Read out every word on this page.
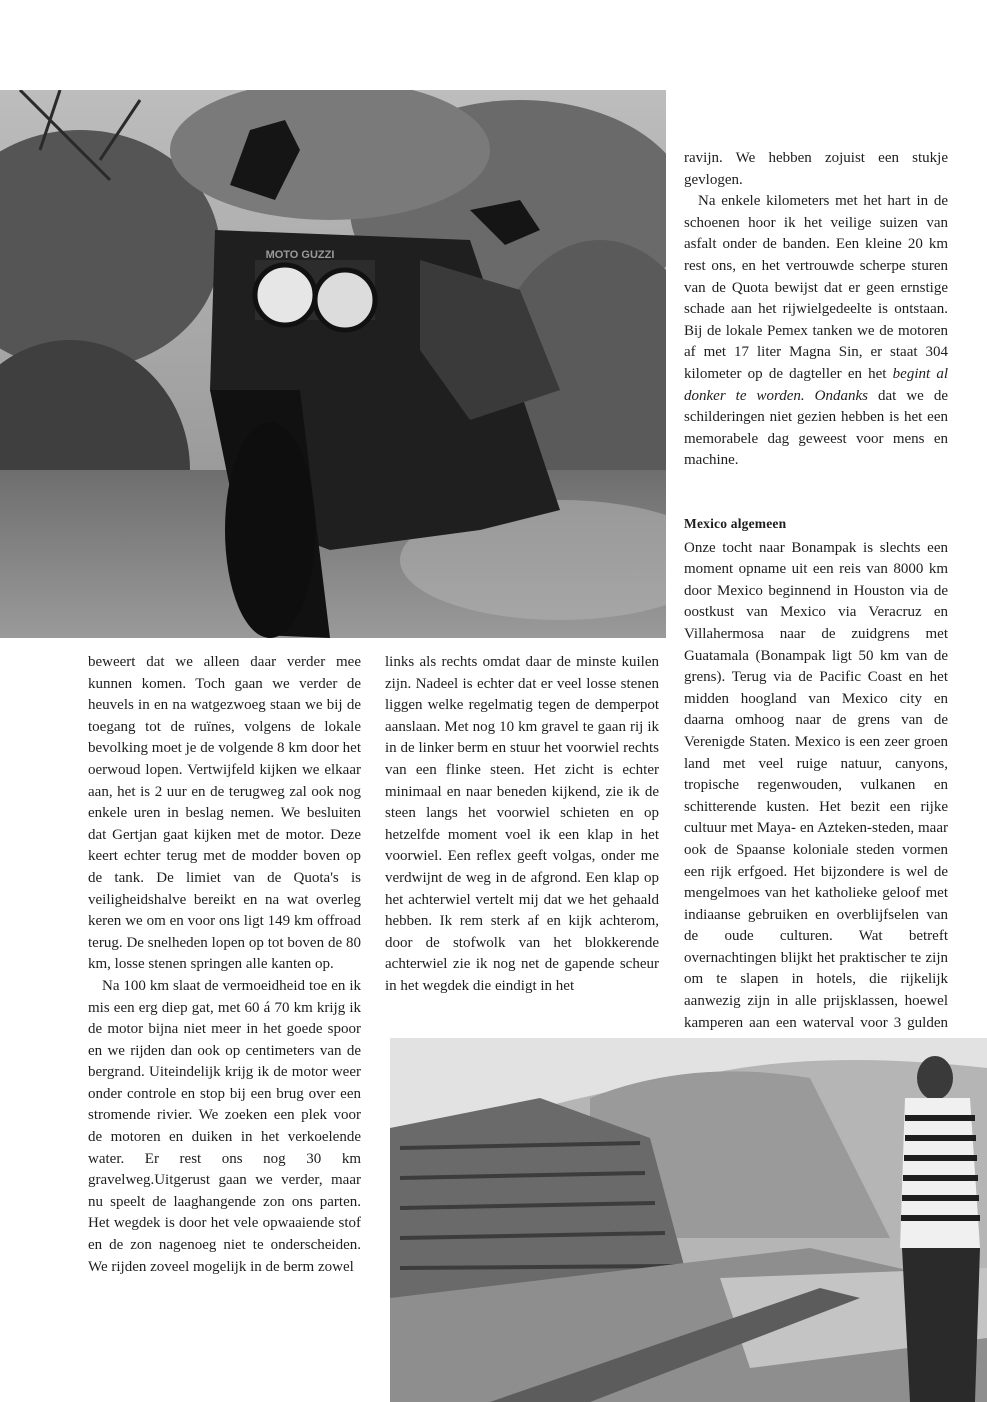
MOTO GUZZI

beweert dat we alleen daar verder mee kunnen komen. Toch gaan we verder de heuvels in en na watgezwoeg staan we bij de toegang tot de ruïnes, volgens de lokale bevolking moet je de volgende 8 km door het oerwoud lopen. Vertwijfeld kijken we elkaar aan, het is 2 uur en de terugweg zal ook nog enkele uren in beslag nemen. We besluiten dat Gertjan gaat kijken met de motor. Deze keert echter terug met de modder boven op de tank. De limiet van de Quota's is veiligheidshalve bereikt en na wat overleg keren we om en voor ons ligt 149 km offroad terug. De snelheden lopen op tot boven de 80 km, losse stenen springen alle kanten op.

Na 100 km slaat de vermoeidheid toe en ik mis een erg diep gat, met 60 á 70 km krijg ik de motor bijna niet meer in het goede spoor en we rijden dan ook op centimeters van de bergrand. Uiteindelijk krijg ik de motor weer onder controle en stop bij een brug over een stromende rivier. We zoeken een plek voor de motoren en duiken in het verkoelende water. Er rest ons nog 30 km gravelweg.Uitgerust gaan we verder, maar nu speelt de laaghangende zon ons parten. Het wegdek is door het vele opwaaiende stof en de zon nagenoeg niet te onderscheiden. We rijden zoveel mogelijk in de berm zowel

links als rechts omdat daar de minste kuilen zijn. Nadeel is echter dat er veel losse stenen liggen welke regelmatig tegen de demperpot aanslaan. Met nog 10 km gravel te gaan rij ik in de linker berm en stuur het voorwiel rechts van een flinke steen. Het zicht is echter minimaal en naar beneden kijkend, zie ik de steen langs het voorwiel schieten en op hetzelfde moment voel ik een klap in het voorwiel. Een reflex geeft volgas, onder me verdwijnt de weg in de afgrond. Een klap op het achterwiel vertelt mij dat we het gehaald hebben. Ik rem sterk af en kijk achterom, door de stofwolk van het blokkerende achterwiel zie ik nog net de gapende scheur in het wegdek die eindigt in het

ravijn. We hebben zojuist een stukje gevlogen.

Na enkele kilometers met het hart in de schoenen hoor ik het veilige suizen van asfalt onder de banden. Een kleine 20 km rest ons, en het vertrouwde scherpe sturen van de Quota bewijst dat er geen ernstige schade aan het rijwielgedeelte is ontstaan. Bij de lokale Pemex tanken we de motoren af met 17 liter Magna Sin, er staat 304 kilometer op de dagteller en het begint al donker te worden. Ondanks dat we de schilderingen niet gezien hebben is het een memorabele dag geweest voor mens en machine.

Mexico algemeen

Onze tocht naar Bonampak is slechts een moment opname uit een reis van 8000 km door Mexico beginnend in Houston via de oostkust van Mexico via Veracruz en Villahermosa naar de zuidgrens met Guatamala (Bonampak ligt 50 km van de grens). Terug via de Pacific Coast en het midden hoogland van Mexico city en daarna omhoog naar de grens van de Verenigde Staten. Mexico is een zeer groen land met veel ruige natuur, canyons, tropische regenwouden, vulkanen en schitterende kusten. Het bezit een rijke cultuur met Maya- en Azteken-steden, maar ook de Spaanse koloniale steden vormen een rijk erfgoed. Het bijzondere is wel de mengelmoes van het katholieke geloof met indiaanse gebruiken en overblijfselen van de oude culturen. Wat betreft overnachtingen blijkt het praktischer te zijn om te slapen in hotels, die rijkelijk aanwezig zijn in alle prijsklassen, hoewel kamperen aan een waterval voor 3 gulden
